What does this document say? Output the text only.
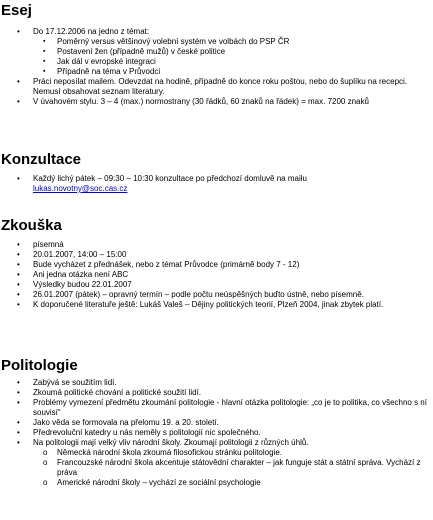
Esej
• Do 17.12.2006 na jedno z témat:
▪ Poměrný versus většinový volební systém ve volbách do PSP ČR
▪ Postavení žen (případně mužů) v české politice
▪ Jak dál v evropské integraci
▪ Případně na téma v Průvodci
• Práci neposílat mailem. Odevzdat na hodině, případně do konce roku poštou, nebo do šuplíku na recepci. Nemusí obsahovat seznam literatury.
• V úvahovém stylu. 3 – 4 (max.) normostrany (30 řádků, 60 znaků na řádek) = max. 7200 znaků
Konzultace
• Každý lichý pátek – 09:30 – 10:30 konzultace po předchozí domluvě na mailu
lukas.novotny@soc.cas.cz
Zkouška
• písemná
• 20.01.2007, 14:00 – 15:00
• Bude vycházet z přednášek, nebo z témat Průvodce (primárně body 7 - 12)
• Ani jedna otázka není ABC
• Výsledky budou 22.01.2007
• 26.01.2007 (pátek) – opravný termín – podle počtu neúspěšných buďto ústně, nebo písemně.
• K doporučené literatuře ještě: Lukáš Valeš – Dějiny politických teorií, Plzeň 2004, jinak zbytek platí.
Politologie
• Zabývá se soužitím lidí.
• Zkoumá politické chování a politické soužití lidí.
• Problémy vymezení předmětu zkoumání politologie - hlavní otázka politologie: „co je to politika, co všechno s ní souvisí“
• Jako věda se formovala na přelomu 19. a 20. století.
• Předrevoluční katedry u nás neměly s politologií nic společného.
• Na politologii mají velký vliv národní školy. Zkoumají politologii z různých úhlů.
o Německá národní škola zkoumá filosofickou stránku politologie.
o Francouzské národní škola akcentuje státovědní charakter – jak funguje stát a státní správa. Vychází z práva
o Americké národní školy – vychází ze sociální psychologie
